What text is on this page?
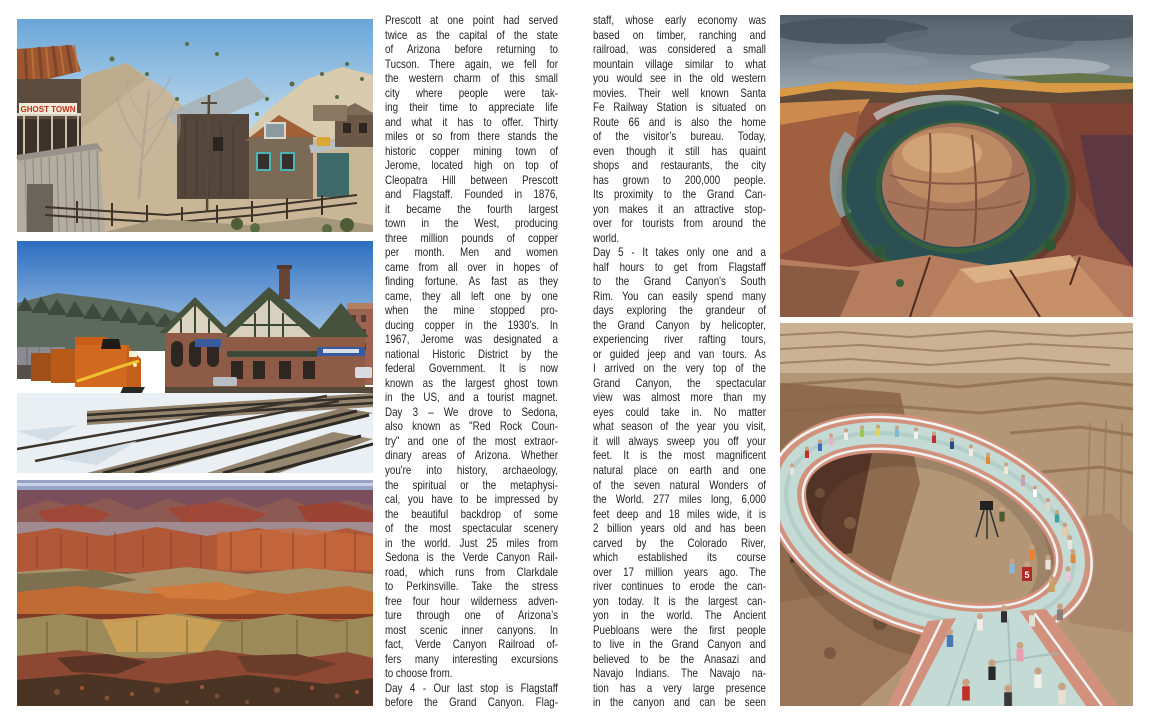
GHOST TOWN
5
Prescott at one point had served
twice as the capital of the state
of Arizona before returning to
Tucson. There again, we fell for
the western charm of this small
city where people were tak-
ing their time to appreciate life
and what it has to offer. Thirty
miles or so from there stands the
historic copper mining town of
Jerome, located high on top of
Cleopatra Hill between Prescott
and Flagstaff. Founded in 1876,
it became the fourth largest
town in the West, producing
three million pounds of copper
per month. Men and women
came from all over in hopes of
finding fortune. As fast as they
came, they all left one by one
when the mine stopped pro-
ducing copper in the 1930’s. In
1967, Jerome was designated a
national Historic District by the
federal Government. It is now
known as the largest ghost town
in the US, and a tourist magnet.
Day 3 – We drove to Sedona,
also known as "Red Rock Coun-
try" and one of the most extraor-
dinary areas of Arizona. Whether
you're into history, archaeology,
the spiritual or the metaphysi-
cal, you have to be impressed by
the beautiful backdrop of some
of the most spectacular scenery
in the world. Just 25 miles from
Sedona is the Verde Canyon Rail-
road, which runs from Clarkdale
to Perkinsville. Take the stress
free four hour wilderness adven-
ture through one of Arizona’s
most scenic inner canyons. In
fact, Verde Canyon Railroad of-
fers many interesting excursions
to choose from.
Day 4 - Our last stop is Flagstaff
before the Grand Canyon. Flag-
staff, whose early economy was
based on timber, ranching and
railroad, was considered a small
mountain village similar to what
you would see in the old western
movies. Their well known Santa
Fe Railway Station is situated on
Route 66 and is also the home
of the visitor’s bureau. Today,
even though it still has quaint
shops and restaurants, the city
has grown to 200,000 people.
Its proximity to the Grand Can-
yon makes it an attractive stop-
over for tourists from around the
world.
Day 5 - It takes only one and a
half hours to get from Flagstaff
to the Grand Canyon's South
Rim. You can easily spend many
days exploring the grandeur of
the Grand Canyon by helicopter,
experiencing river rafting tours,
or guided jeep and van tours. As
I arrived on the very top of the
Grand Canyon, the spectacular
view was almost more than my
eyes could take in. No matter
what season of the year you visit,
it will always sweep you off your
feet. It is the most magnificent
natural place on earth and one
of the seven natural Wonders of
the World. 277 miles long, 6,000
feet deep and 18 miles wide, it is
2 billion years old and has been
carved by the Colorado River,
which established its course
over 17 million years ago. The
river continues to erode the can-
yon today. It is the largest can-
yon in the world. The Ancient
Puebloans were the first people
to live in the Grand Canyon and
believed to be the Anasazi and
Navajo Indians. The Navajo na-
tion has a very large presence
in the canyon and can be seen
